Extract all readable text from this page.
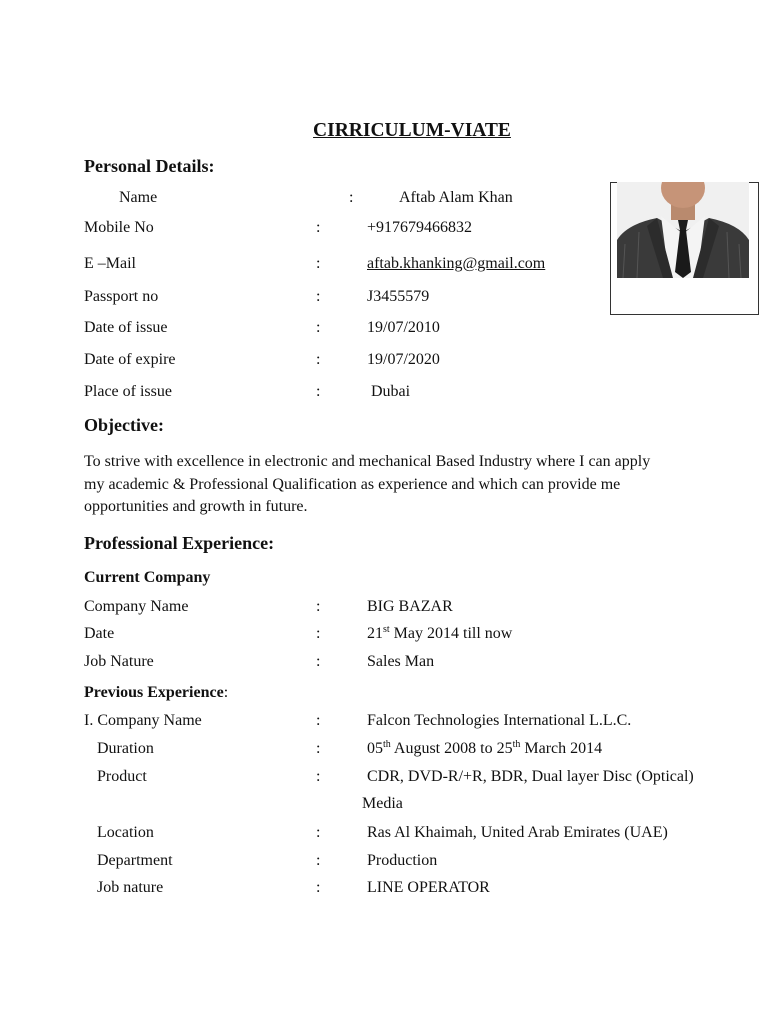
CIRRICULUM-VIATE
Personal Details:
Name	:	Aftab Alam Khan
Mobile No	:	+917679466832
E –Mail	:	aftab.khanking@gmail.com
Passport no	:	J3455579
Date of issue	:	19/07/2010
Date of expire	:	19/07/2020
Place of issue	:	Dubai
Objective:
To strive with excellence in electronic and mechanical Based Industry where I can apply
my academic & Professional Qualification as experience and which can provide me
opportunities and growth in future.
Professional Experience:
Current Company
Company Name	:	BIG BAZAR
Date	:	21st May 2014 till now
Job Nature	:	Sales Man
Previous Experience:
I. Company Name	:	Falcon Technologies International L.L.C.
Duration	:	05th August 2008 to 25th March 2014
Product	:	CDR, DVD-R/+R, BDR, Dual layer Disc (Optical)
Media
Location	:	Ras Al Khaimah, United Arab Emirates (UAE)
Department	:	Production
Job nature	:	LINE OPERATOR
